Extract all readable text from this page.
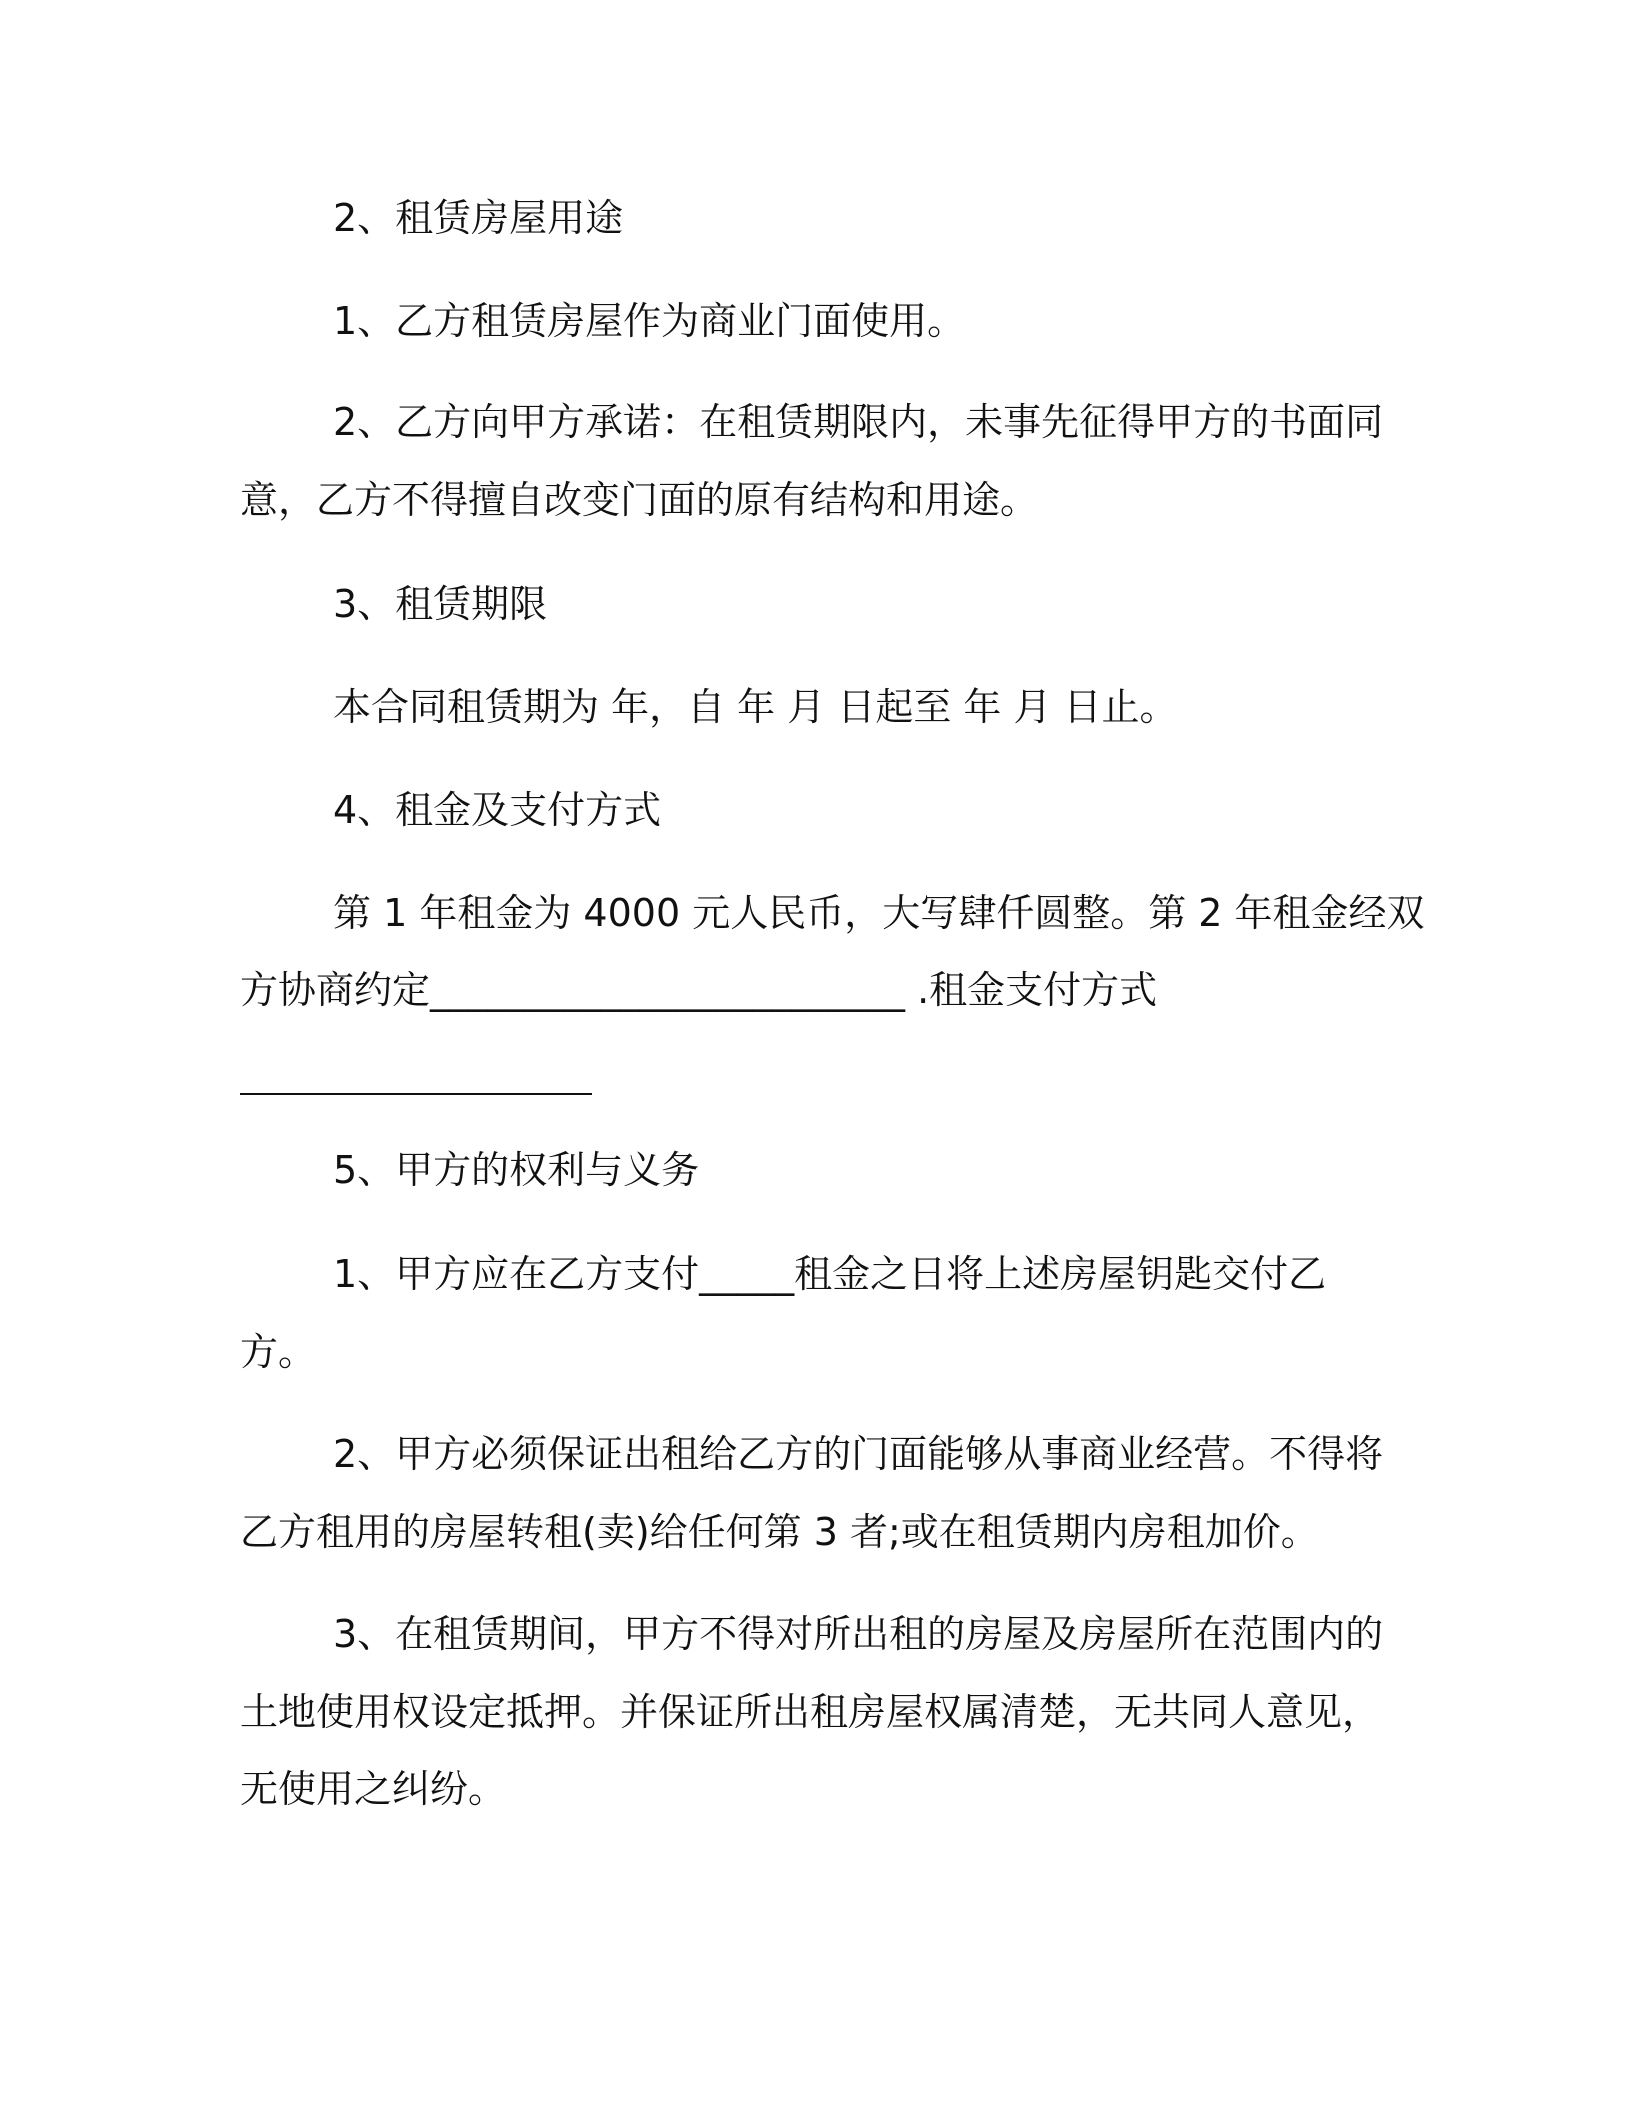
2、租赁房屋用途

1、乙方租赁房屋作为商业门面使用。

2、乙方向甲方承诺：在租赁期限内，未事先征得甲方的书面同

意，乙方不得擅自改变门面的原有结构和用途。

3、租赁期限

本合同租赁期为 年，自 年 月 日起至 年 月 日止。

4、租金及支付方式

第 1 年租金为 4000 元人民币，大写肆仟圆整。第 2 年租金经双

方协商约定_________________________ .租金支付方式

5、甲方的权利与义务

1、甲方应在乙方支付_____租金之日将上述房屋钥匙交付乙

方。

2、甲方必须保证出租给乙方的门面能够从事商业经营。不得将

乙方租用的房屋转租(卖)给任何第 3 者;或在租赁期内房租加价。

3、在租赁期间，甲方不得对所出租的房屋及房屋所在范围内的

土地使用权设定抵押。并保证所出租房屋权属清楚，无共同人意见，

无使用之纠纷。
